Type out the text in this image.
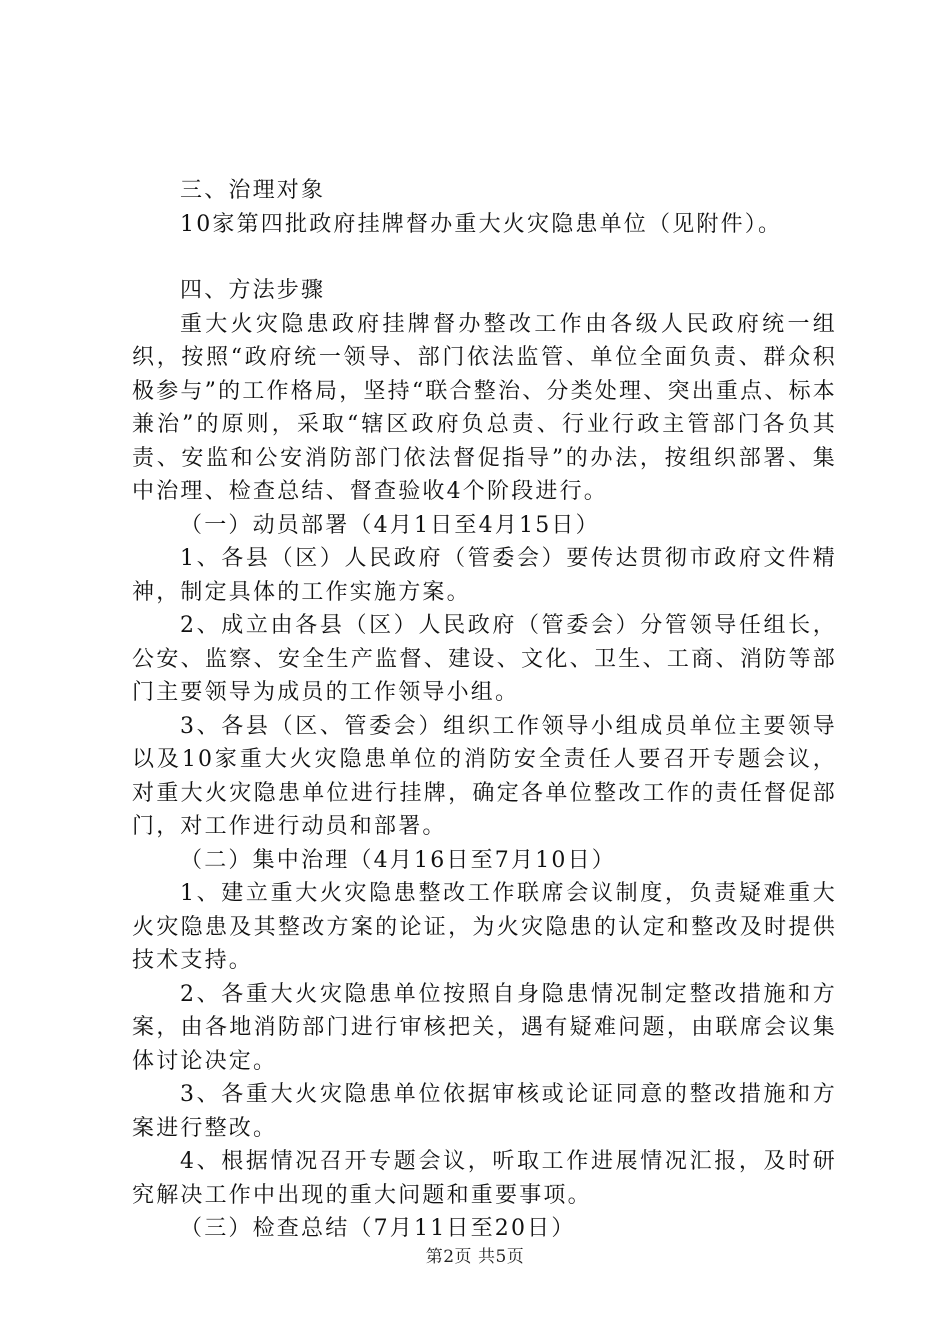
三、治理对象

10家第四批政府挂牌督办重大火灾隐患单位（见附件）。

四、方法步骤

重大火灾隐患政府挂牌督办整改工作由各级人民政府统一组织，按照“政府统一领导、部门依法监管、单位全面负责、群众积极参与”的工作格局，坚持“联合整治、分类处理、突出重点、标本兼治”的原则，采取“辖区政府负总责、行业行政主管部门各负其责、安监和公安消防部门依法督促指导”的办法，按组织部署、集中治理、检查总结、督查验收4个阶段进行。

（一）动员部署（4月1日至4月15日）

1、各县（区）人民政府（管委会）要传达贯彻市政府文件精神，制定具体的工作实施方案。

2、成立由各县（区）人民政府（管委会）分管领导任组长，公安、监察、安全生产监督、建设、文化、卫生、工商、消防等部门主要领导为成员的工作领导小组。

3、各县（区、管委会）组织工作领导小组成员单位主要领导以及10家重大火灾隐患单位的消防安全责任人要召开专题会议，对重大火灾隐患单位进行挂牌，确定各单位整改工作的责任督促部门，对工作进行动员和部署。

（二）集中治理（4月16日至7月10日）

1、建立重大火灾隐患整改工作联席会议制度，负责疑难重大火灾隐患及其整改方案的论证，为火灾隐患的认定和整改及时提供技术支持。

2、各重大火灾隐患单位按照自身隐患情况制定整改措施和方案，由各地消防部门进行审核把关，遇有疑难问题，由联席会议集体讨论决定。

3、各重大火灾隐患单位依据审核或论证同意的整改措施和方案进行整改。

4、根据情况召开专题会议，听取工作进展情况汇报，及时研究解决工作中出现的重大问题和重要事项。

（三）检查总结（7月11日至20日）

第2页 共5页
